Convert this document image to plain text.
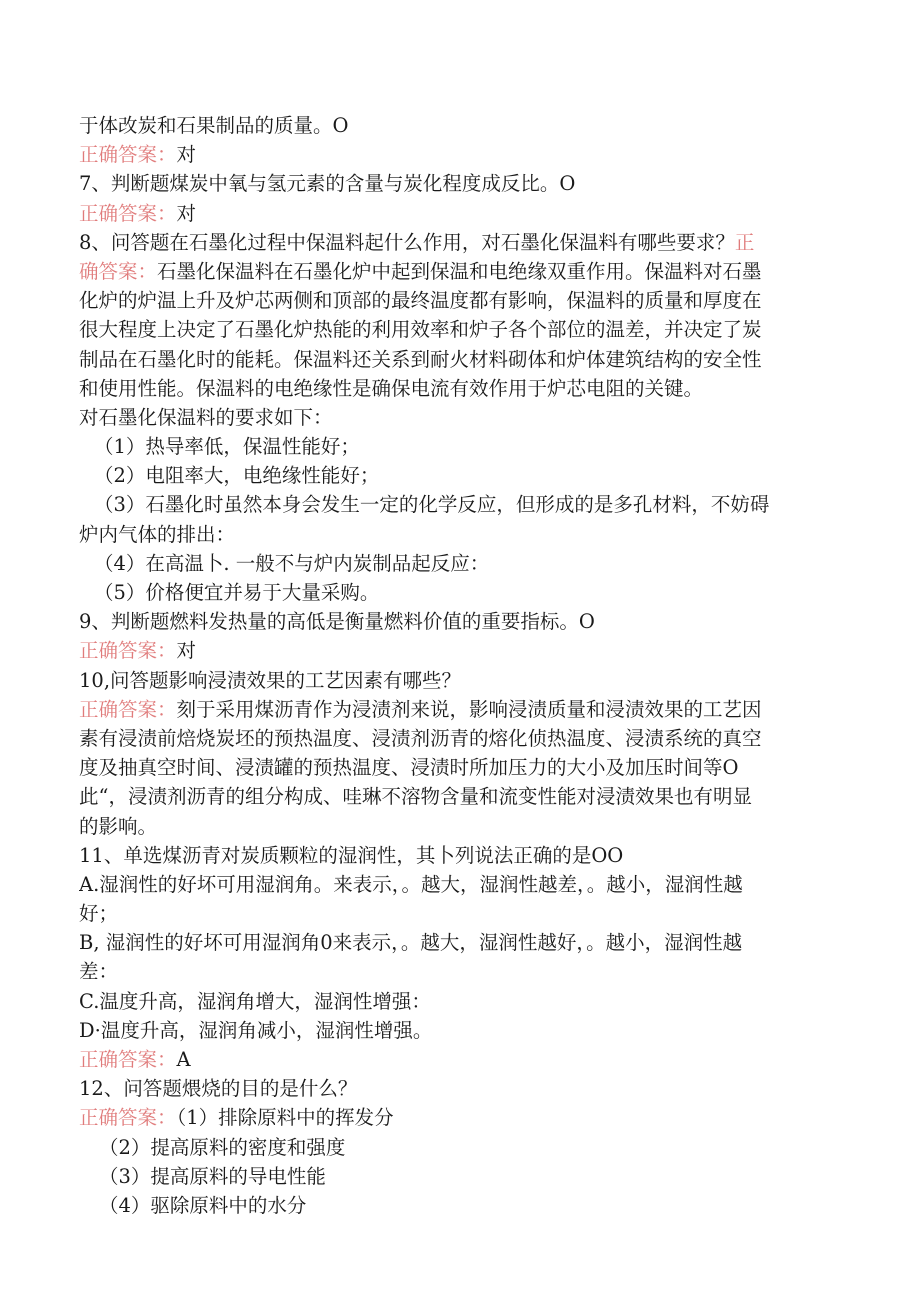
于体改炭和石果制品的质量。O
正确答案：对
7、判断题煤炭中氧与氢元素的含量与炭化程度成反比。O
正确答案：对
8、问答题在石墨化过程中保温料起什么作用，对石墨化保温料有哪些要求？正
确答案：石墨化保温料在石墨化炉中起到保温和电绝缘双重作用。保温料对石墨
化炉的炉温上升及炉芯两侧和顶部的最终温度都有影响，保温料的质量和厚度在
很大程度上决定了石墨化炉热能的利用效率和炉子各个部位的温差，并决定了炭
制品在石墨化时的能耗。保温料还关系到耐火材料砌体和炉体建筑结构的安全性
和使用性能。保温料的电绝缘性是确保电流有效作用于炉芯电阻的关键。
对石墨化保温料的要求如下：
（1）热导率低，保温性能好；
（2）电阻率大，电绝缘性能好；
（3）石墨化时虽然本身会发生一定的化学反应，但形成的是多孔材料，不妨碍
炉内气体的排出：
（4）在高温卜. 一般不与炉内炭制品起反应：
（5）价格便宜并易于大量采购。
9、判断题燃料发热量的高低是衡量燃料价值的重要指标。O
正确答案：对
10,问答题影响浸渍效果的工艺因素有哪些？
正确答案：刻于采用煤沥青作为浸渍剂来说，影响浸渍质量和浸渍效果的工艺因
素有浸渍前焙烧炭坯的预热温度、浸渍剂沥青的熔化侦热温度、浸渍系统的真空
度及抽真空时间、浸渍罐的预热温度、浸渍时所加压力的大小及加压时间等O
此“，浸渍剂沥青的组分构成、哇琳不溶物含量和流变性能对浸渍效果也有明显
的影响。
11、单选煤沥青对炭质颗粒的湿润性，其卜列说法正确的是OO
A.湿润性的好坏可用湿润角。来表示，。越大，湿润性越差，。越小，湿润性越
好；
B, 湿润性的好坏可用湿润角0来表示，。越大，湿润性越好，。越小，湿润性越
差：
C.温度升高，湿润角增大，湿润性增强：
D·温度升高，湿润角减小，湿润性增强。
正确答案：A
12、问答题煨烧的目的是什么？
正确答案：（1）排除原料中的挥发分
（2）提高原料的密度和强度
（3）提高原料的导电性能
（4）驱除原料中的水分
